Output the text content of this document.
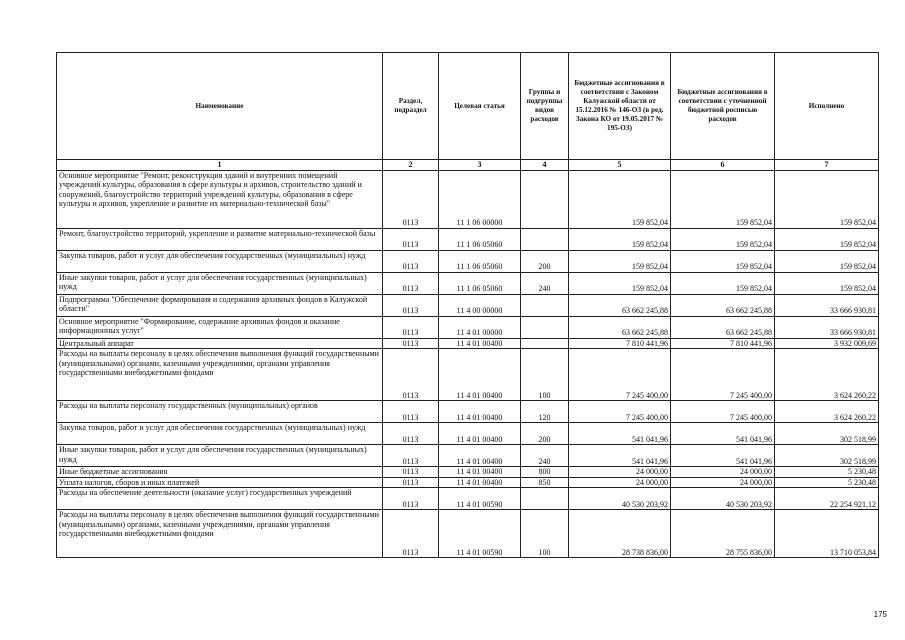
Наименование	Раздел, подраздел	Целевая статья	Группы и подгруппы видов расходов	Бюджетные ассигнования в соответствии с Законом Калужской области от 15.12.2016 № 146-ОЗ (в ред. Закона КО от 19.05.2017 № 195-ОЗ)	Бюджетные ассигнования в соответствии с уточненной бюджетной росписью расходов	Исполнено
1	2	3	4	5	6	7
Основное мероприятие "Ремонт, реконструкция зданий и внутренних помещений учреждений культуры, образования в сфере культуры и архивов, строительство зданий и сооружений, благоустройство территорий учреждений культуры, образования в сфере культуры и архивов, укрепление и развитие их материально-технической базы"	0113	11 1 06 00000		159 852,04	159 852,04	159 852,04
Ремонт, благоустройство территорий, укрепление и развитие материально-технической базы	0113	11 1 06 05060		159 852,04	159 852,04	159 852,04
Закупка товаров, работ и услуг для обеспечения государственных (муниципальных) нужд	0113	11 1 06 05060	200	159 852,04	159 852,04	159 852,04
Иные закупки товаров, работ и услуг для обеспечения государственных (муниципальных) нужд	0113	11 1 06 05060	240	159 852,04	159 852,04	159 852,04
Подпрограмма "Обеспечение формирования и содержания архивных фондов в Калужской области"	0113	11 4 00 00000		63 662 245,88	63 662 245,88	33 666 930,81
Основное мероприятие "Формирование, содержание архивных фондов и оказание информационных услуг"	0113	11 4 01 00000		63 662 245,88	63 662 245,88	33 666 930,81
Центральный аппарат	0113	11 4 01 00400		7 810 441,96	7 810 441,96	3 932 009,69
Расходы на выплаты персоналу в целях обеспечения выполнения функций государственными (муниципальными) органами, казенными учреждениями, органами управления государственными внебюджетными фондами	0113	11 4 01 00400	100	7 245 400,00	7 245 400,00	3 624 260,22
Расходы на выплаты персоналу государственных (муниципальных) органов	0113	11 4 01 00400	120	7 245 400,00	7 245 400,00	3 624 260,22
Закупка товаров, работ и услуг для обеспечения государственных (муниципальных) нужд	0113	11 4 01 00400	200	541 041,96	541 041,96	302 518,99
Иные закупки товаров, работ и услуг для обеспечения государственных (муниципальных) нужд	0113	11 4 01 00400	240	541 041,96	541 041,96	302 518,99
Иные бюджетные ассигнования	0113	11 4 01 00400	800	24 000,00	24 000,00	5 230,48
Уплата налогов, сборов и иных платежей	0113	11 4 01 00400	850	24 000,00	24 000,00	5 230,48
Расходы на обеспечение деятельности (оказание услуг) государственных учреждений	0113	11 4 01 00590		40 530 203,92	40 530 203,92	22 254 921,12
Расходы на выплаты персоналу в целях обеспечения выполнения функций государственными (муниципальными) органами, казенными учреждениями, органами управления государственными внебюджетными фондами	0113	11 4 01 00590	100	28 738 836,00	28 755 836,00	13 710 053,84
175
